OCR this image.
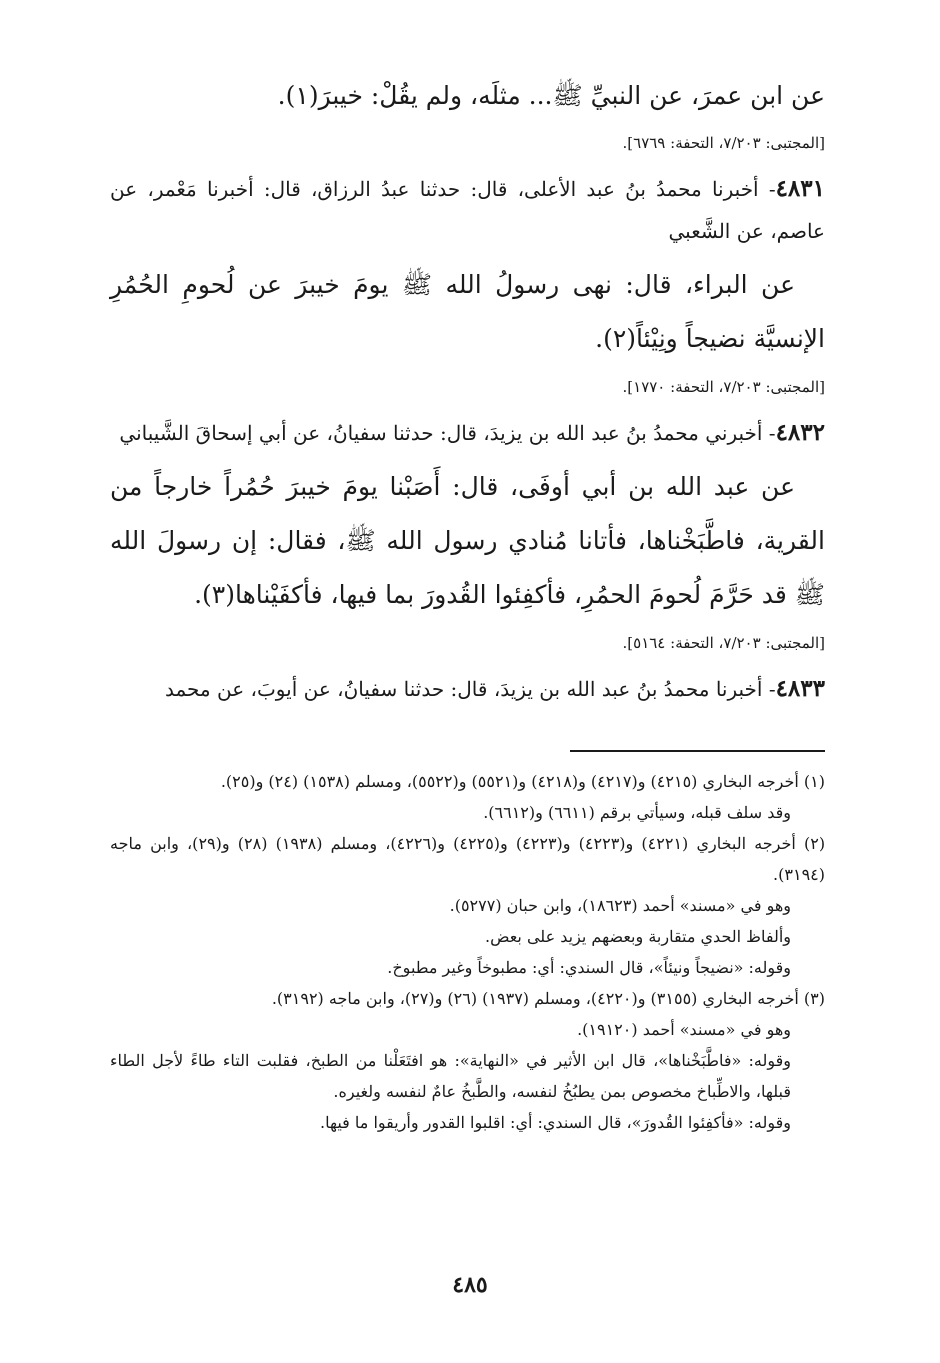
عن ابن عمرَ، عن النبيِّ ﷺ... مثلَه، ولم يقُلْ: خيبرَ(١).

[المجتبى: ٧/٢٠٣، التحفة: ٦٧٦٩].

٤٨٣١- أخبرنا محمدُ بنُ عبد الأعلى، قال: حدثنا عبدُ الرزاق، قال: أخبرنا مَعْمر، عن عاصم، عن الشَّعبي

عن البراء، قال: نهى رسولُ الله ﷺ يومَ خيبرَ عن لُحومِ الحُمُرِ الإنسيَّة نضيجاً ونِيْئاً(٢).

[المجتبى: ٧/٢٠٣، التحفة: ١٧٧٠].

٤٨٣٢- أخبرني محمدُ بنُ عبد الله بن يزيدَ، قال: حدثنا سفيانُ، عن أبي إسحاقَ الشَّيباني

عن عبد الله بن أبي أوفَى، قال: أَصَبْنا يومَ خيبرَ حُمُراً خارجاً من القرية، فاطَّبَخْناها، فأتانا مُنادي رسول الله ﷺ، فقال: إن رسولَ الله ﷺ قد حَرَّمَ لُحومَ الحمُرِ، فأكفِئوا القُدورَ بما فيها، فأكفَيْناها(٣).

[المجتبى: ٧/٢٠٣، التحفة: ٥١٦٤].

٤٨٣٣- أخبرنا محمدُ بنُ عبد الله بن يزيدَ، قال: حدثنا سفيانُ، عن أيوبَ، عن محمد

(١) أخرجه البخاري (٤٢١٥) و(٤٢١٧) و(٤٢١٨) و(٥٥٢١) و(٥٥٢٢)، ومسلم (١٥٣٨) (٢٤) و(٢٥).

وقد سلف قبله، وسيأتي برقم (٦٦١١) و(٦٦١٢).

(٢) أخرجه البخاري (٤٢٢١) و(٤٢٢٣) و(٤٢٢٣) و(٤٢٢٥) و(٤٢٢٦)، ومسلم (١٩٣٨) (٢٨) و(٢٩)، وابن ماجه (٣١٩٤).

وهو في «مسند» أحمد (١٨٦٢٣)، وابن حبان (٥٢٧٧).

وألفاظ الحدي متقاربة وبعضهم يزيد على بعض.

وقوله: «نضيجاً ونيئاً»، قال السندي: أي: مطبوخاً وغير مطبوخ.

(٣) أخرجه البخاري (٣١٥٥) و(٤٢٢٠)، ومسلم (١٩٣٧) (٢٦) و(٢٧)، وابن ماجه (٣١٩٢).

وهو في «مسند» أحمد (١٩١٢٠).

وقوله: «فاطَّبَخْناها»، قال ابن الأثير في «النهاية»: هو افتَعَلْنا من الطبخ، فقلبت التاء طاءً لأجل الطاء قبلها، والاطِّباخ مخصوص بمن يطبُخُ لنفسه، والطَّبخُ عامٌ لنفسه ولغيره.

وقوله: «فأكفِئوا القُدورَ»، قال السندي: أي: اقلبوا القدور وأريقوا ما فيها.

٤٨٥
